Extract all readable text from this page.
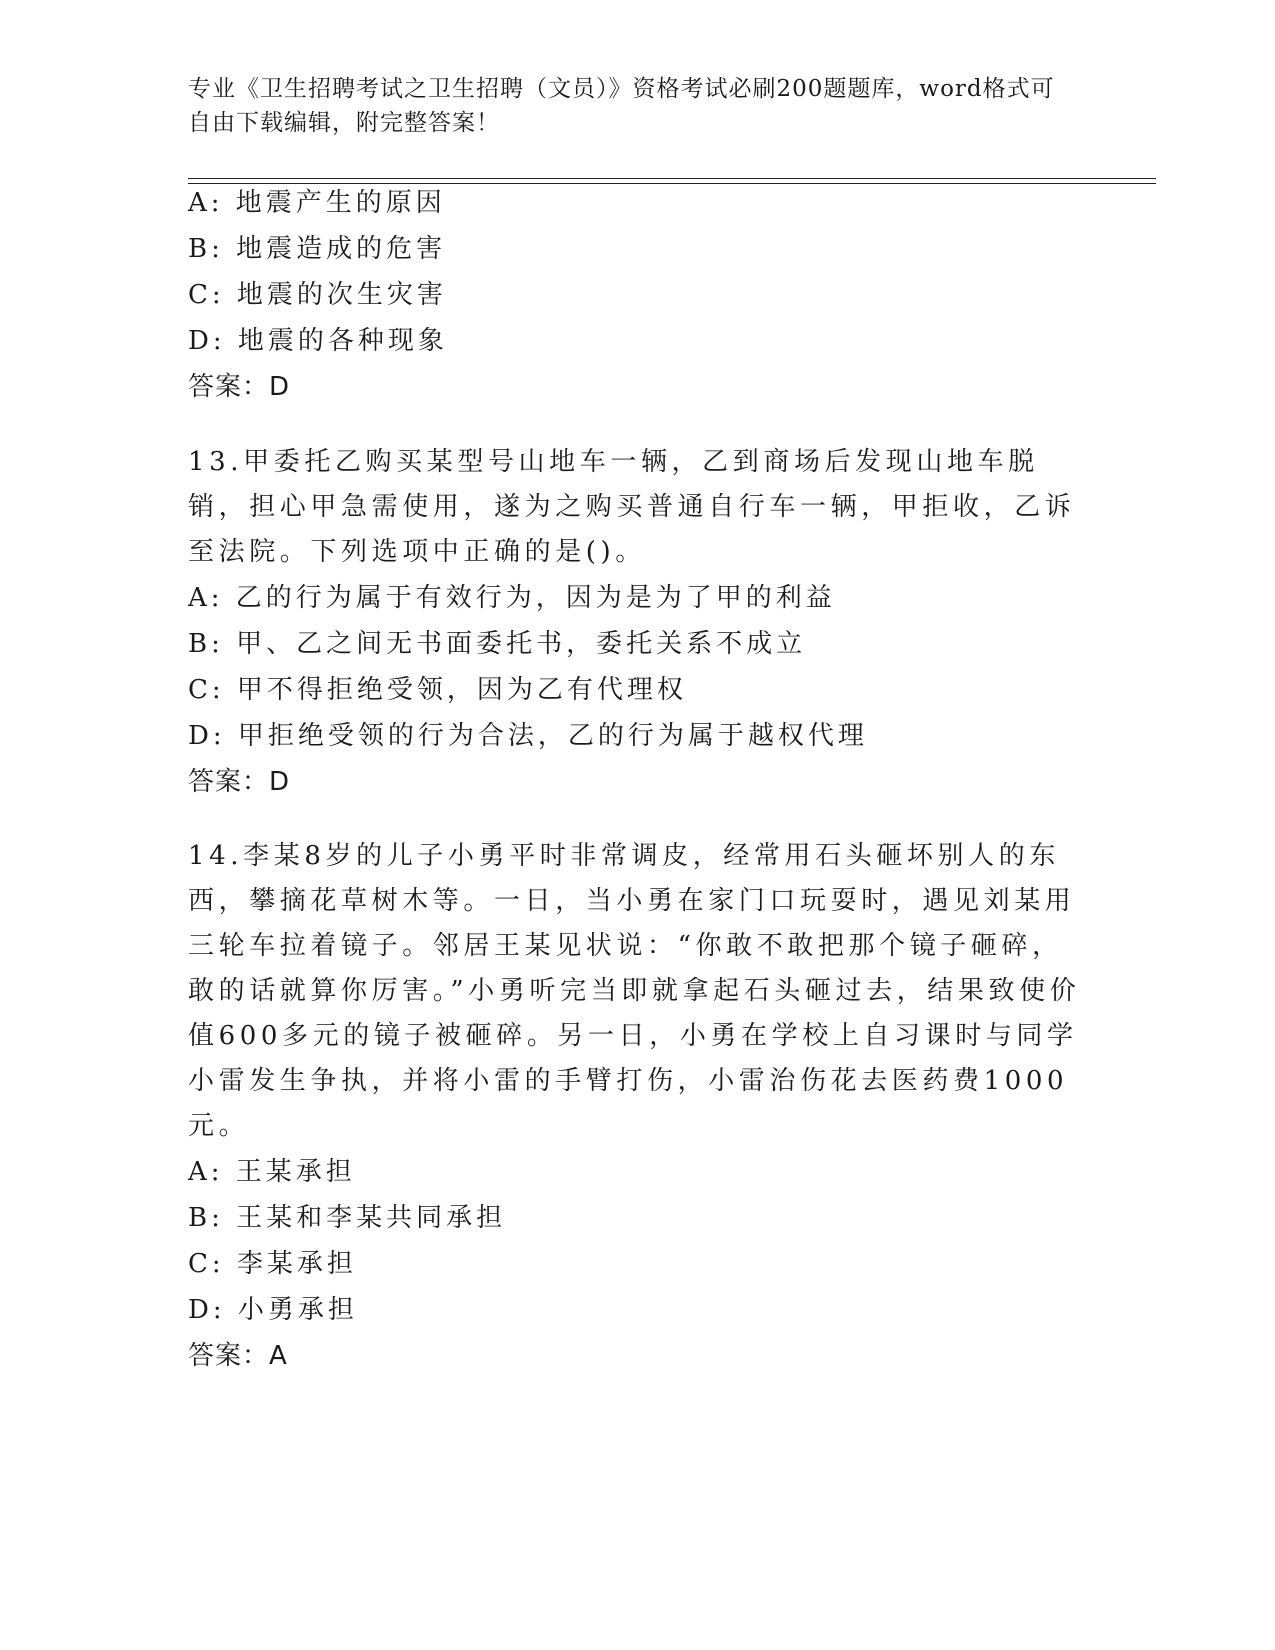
专业《卫生招聘考试之卫生招聘（文员）》资格考试必刷200题题库，word格式可自由下载编辑，附完整答案！
A: 地震产生的原因
B: 地震造成的危害
C: 地震的次生灾害
D: 地震的各种现象
答案：D
13.甲委托乙购买某型号山地车一辆，乙到商场后发现山地车脱销，担心甲急需使用，遂为之购买普通自行车一辆，甲拒收，乙诉至法院。下列选项中正确的是()。
A: 乙的行为属于有效行为，因为是为了甲的利益
B: 甲、乙之间无书面委托书，委托关系不成立
C: 甲不得拒绝受领，因为乙有代理权
D: 甲拒绝受领的行为合法，乙的行为属于越权代理
答案：D
14.李某8岁的儿子小勇平时非常调皮，经常用石头砸坏别人的东西，攀摘花草树木等。一日，当小勇在家门口玩耍时，遇见刘某用三轮车拉着镜子。邻居王某见状说：“你敢不敢把那个镜子砸碎，敢的话就算你厉害。”小勇听完当即就拿起石头砸过去，结果致使价值600多元的镜子被砸碎。另一日，小勇在学校上自习课时与同学小雷发生争执，并将小雷的手臂打伤，小雷治伤花去医药费1000元。
A: 王某承担
B: 王某和李某共同承担
C: 李某承担
D: 小勇承担
答案：A
